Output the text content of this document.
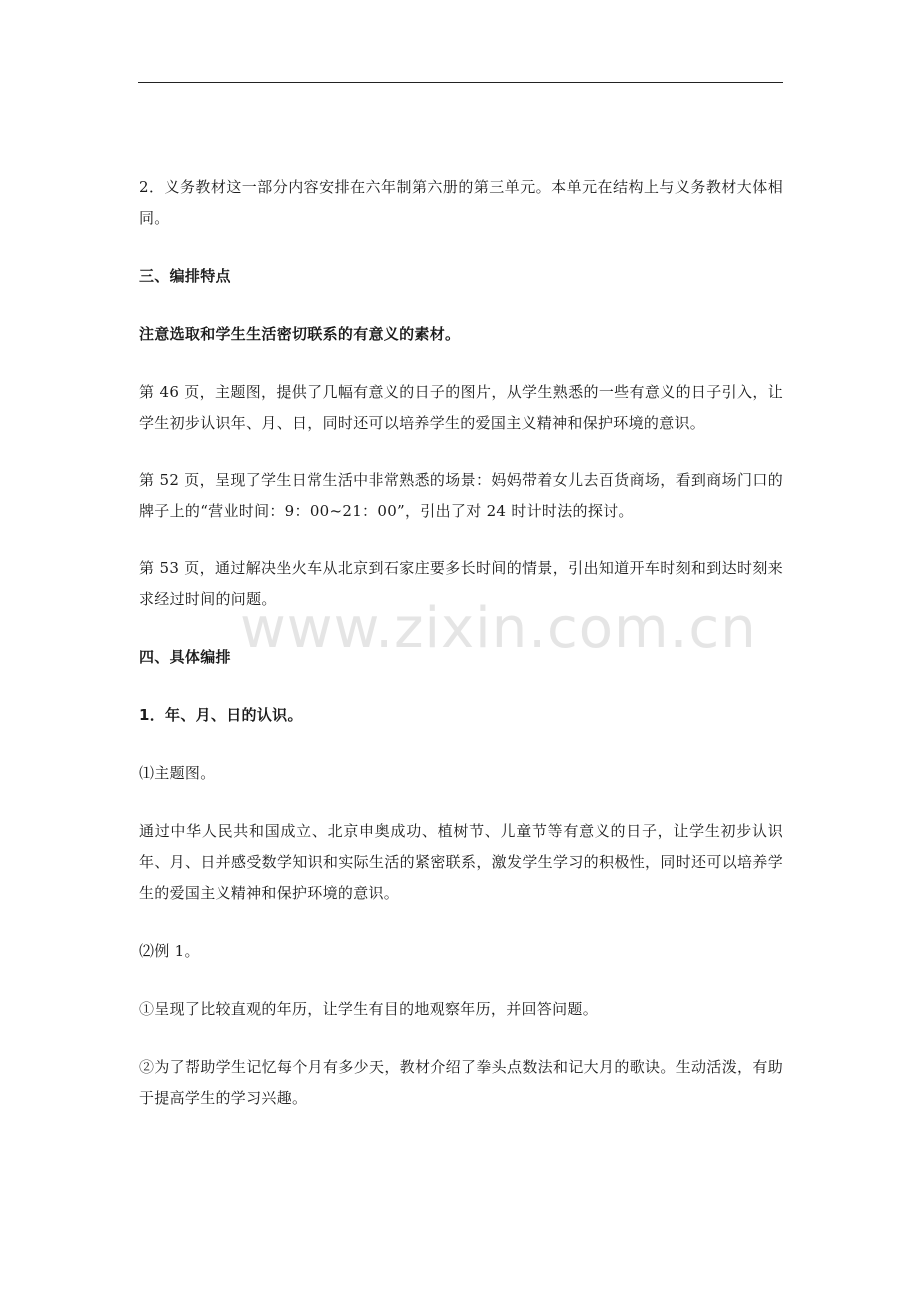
2．义务教材这一部分内容安排在六年制第六册的第三单元。本单元在结构上与义务教材大体相同。

三、编排特点

注意选取和学生生活密切联系的有意义的素材。

第 46 页，主题图，提供了几幅有意义的日子的图片，从学生熟悉的一些有意义的日子引入，让学生初步认识年、月、日，同时还可以培养学生的爱国主义精神和保护环境的意识。

第 52 页，呈现了学生日常生活中非常熟悉的场景：妈妈带着女儿去百货商场，看到商场门口的牌子上的“营业时间：9：00~21：00”，引出了对 24 时计时法的探讨。

第 53 页，通过解决坐火车从北京到石家庄要多长时间的情景，引出知道开车时刻和到达时刻来求经过时间的问题。

四、具体编排

1．年、月、日的认识。

⑴主题图。

通过中华人民共和国成立、北京申奥成功、植树节、儿童节等有意义的日子，让学生初步认识年、月、日并感受数学知识和实际生活的紧密联系，激发学生学习的积极性，同时还可以培养学生的爱国主义精神和保护环境的意识。

⑵例 1。

①呈现了比较直观的年历，让学生有目的地观察年历，并回答问题。

②为了帮助学生记忆每个月有多少天，教材介绍了拳头点数法和记大月的歌诀。生动活泼，有助于提高学生的学习兴趣。

www.zixin.com.cn
